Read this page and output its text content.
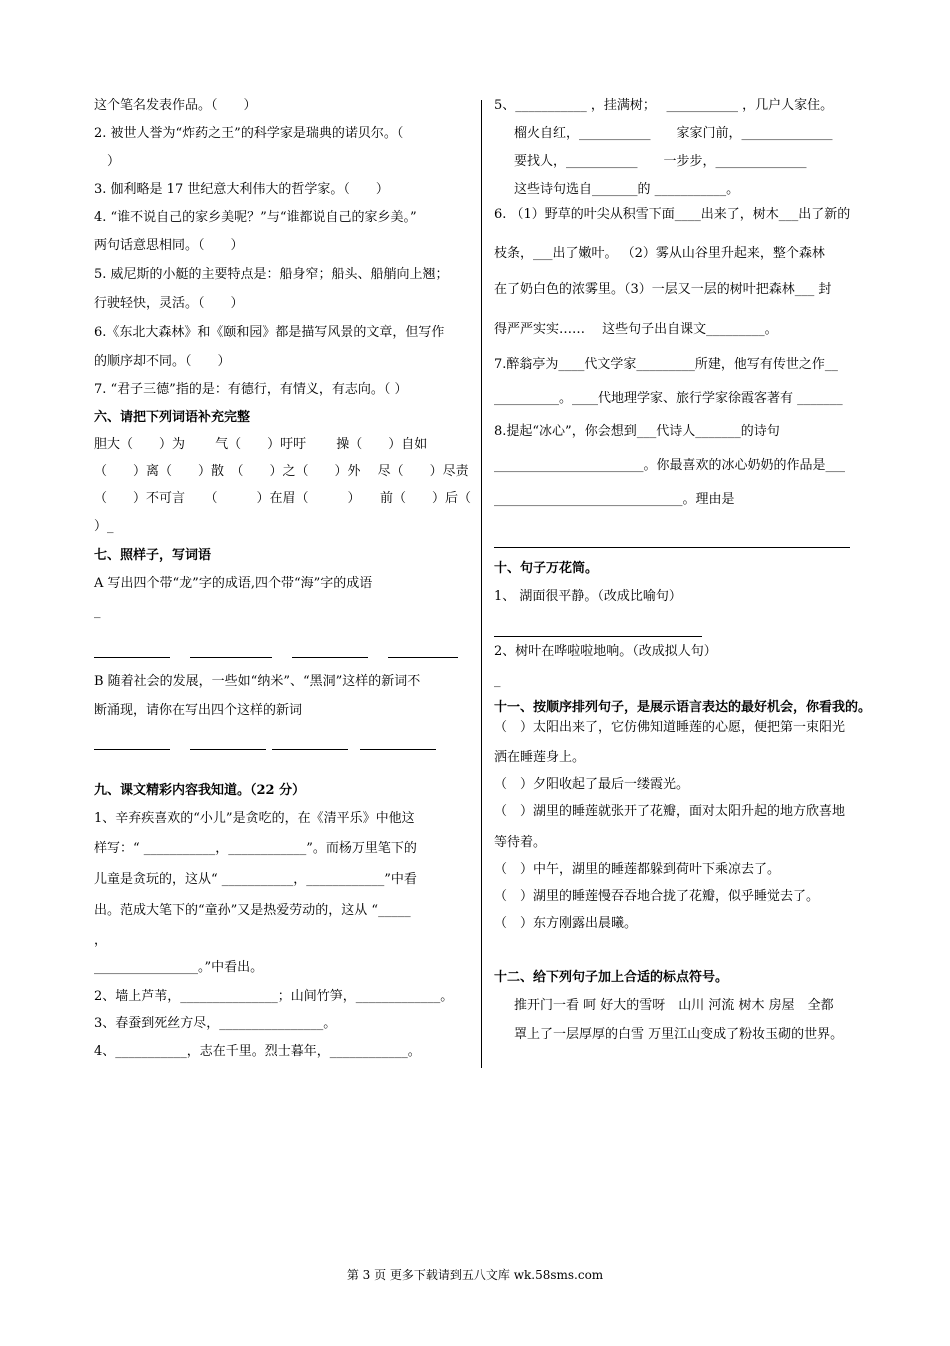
这个笔名发表作品。（　　）
2. 被世人誉为“炸药之王”的科学家是瑞典的诺贝尔。（
　）
3. 伽利略是 17 世纪意大利伟大的哲学家。（　　）
4. “谁不说自己的家乡美呢？”与“谁都说自己的家乡美。”
两句话意思相同。（　　）
5. 威尼斯的小艇的主要特点是：船身窄；船头、船艄向上翘；
行驶轻快，灵活。（　　）
6.《东北大森林》和《颐和园》都是描写风景的文章，但写作
的顺序却不同。（　　）
7. “君子三德”指的是：有德行，有情义，有志向。（ ）
六、请把下列词语补充完整
胆大（　　）为　　 气（　　）吁吁　　 操（　　）自如
（　　）离（　　）散　（　　）之（　　）外　 尽（　　）尽责
（　　）不可言　　（　　　）在眉（　　　）　　前（　　）后（
）_
七、照样子，写词语
A 写出四个带“龙”字的成语,四个带“海”字的成语
_
B 随着社会的发展，一些如“纳米”、“黑洞”这样的新词不
断涌现，请你在写出四个这样的新词
九、课文精彩内容我知道。（22 分）
1、辛弃疾喜欢的“小儿”是贪吃的，在《清平乐》中他这
样写：“ ___________，____________”。而杨万里笔下的
儿童是贪玩的，这从“ ___________，____________”中看
出。范成大笔下的“童孙”又是热爱劳动的，这从 “_____
，
________________。”中看出。
2、墙上芦苇，_______________；山间竹笋，_____________。
3、春蚕到死丝方尽，________________。
4、___________，志在千里。烈士暮年，____________。
5、___________ ，挂满树；　 ___________ ，几户人家住。
榴火自红，___________　　家家门前，______________
要找人，___________　　一步步，______________
这些诗句选自_______的 ___________。
6. （1）野草的叶尖从积雪下面____出来了，树木___出了新的
枝条，___出了嫩叶。 （2）雾从山谷里升起来，整个森林
在了奶白色的浓雾里。（3）一层又一层的树叶把森林___ 封
得严严实实……　 这些句子出自课文_________。
7.醉翁亭为____代文学家_________所建，他写有传世之作__
__________。____代地理学家、旅行学家徐霞客著有 _______
8.提起“冰心”，你会想到___代诗人_______的诗句
_______________________。你最喜欢的冰心奶奶的作品是___
_____________________________。理由是
十、句子万花筒。
1、 湖面很平静。（改成比喻句）
2、树叶在哗啦啦地响。（改成拟人句）
_
十一、按顺序排列句子，是展示语言表达的最好机会，你看我的。
（　）太阳出来了，它仿佛知道睡莲的心愿，便把第一束阳光
洒在睡莲身上。
（　）夕阳收起了最后一缕霞光。
（　）湖里的睡莲就张开了花瓣，面对太阳升起的地方欣喜地
等待着。
（　）中午，湖里的睡莲都躲到荷叶下乘凉去了。
（　）湖里的睡莲慢吞吞地合拢了花瓣，似乎睡觉去了。
（　）东方刚露出晨曦。
十二、给下列句子加上合适的标点符号。
推开门一看 呵 好大的雪呀　山川 河流 树木 房屋　全都
罩上了一层厚厚的白雪 万里江山变成了粉妆玉砌的世界。
第 3 页 更多下载请到五八文库 wk.58sms.com
